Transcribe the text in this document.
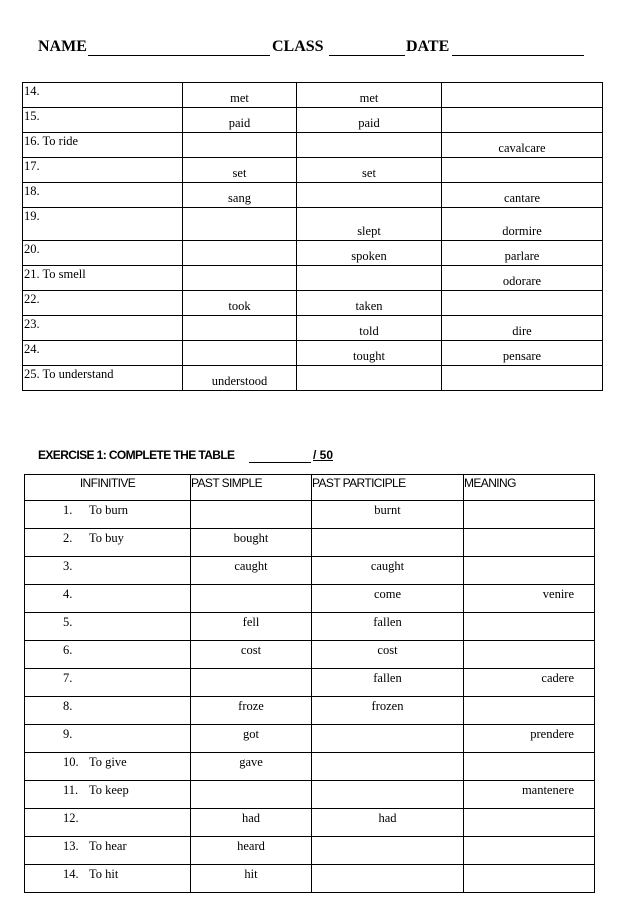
NAME	CLASS	DATE
14.	met	met	
15.	paid	paid	
16. To ride			cavalcare
17.	set	set	
18.	sang		cantare
19.		slept	dormire
20.		spoken	parlare
21. To smell			odorare
22.	took	taken	
23.		told	dire
24.		tought	pensare
25. To understand	understood		
EXERCISE 1: COMPLETE THE TABLE	/ 50
INFINITIVE	PAST SIMPLE	PAST PARTICIPLE	MEANING
1. To burn		burnt	
2. To buy	bought		
3.	caught	caught	
4.		come	venire
5.	fell	fallen	
6.	cost	cost	
7.		fallen	cadere
8.	froze	frozen	
9.	got		prendere
10. To give	gave		
11. To keep			mantenere
12.	had	had	
13. To hear	heard		
14. To hit	hit		
